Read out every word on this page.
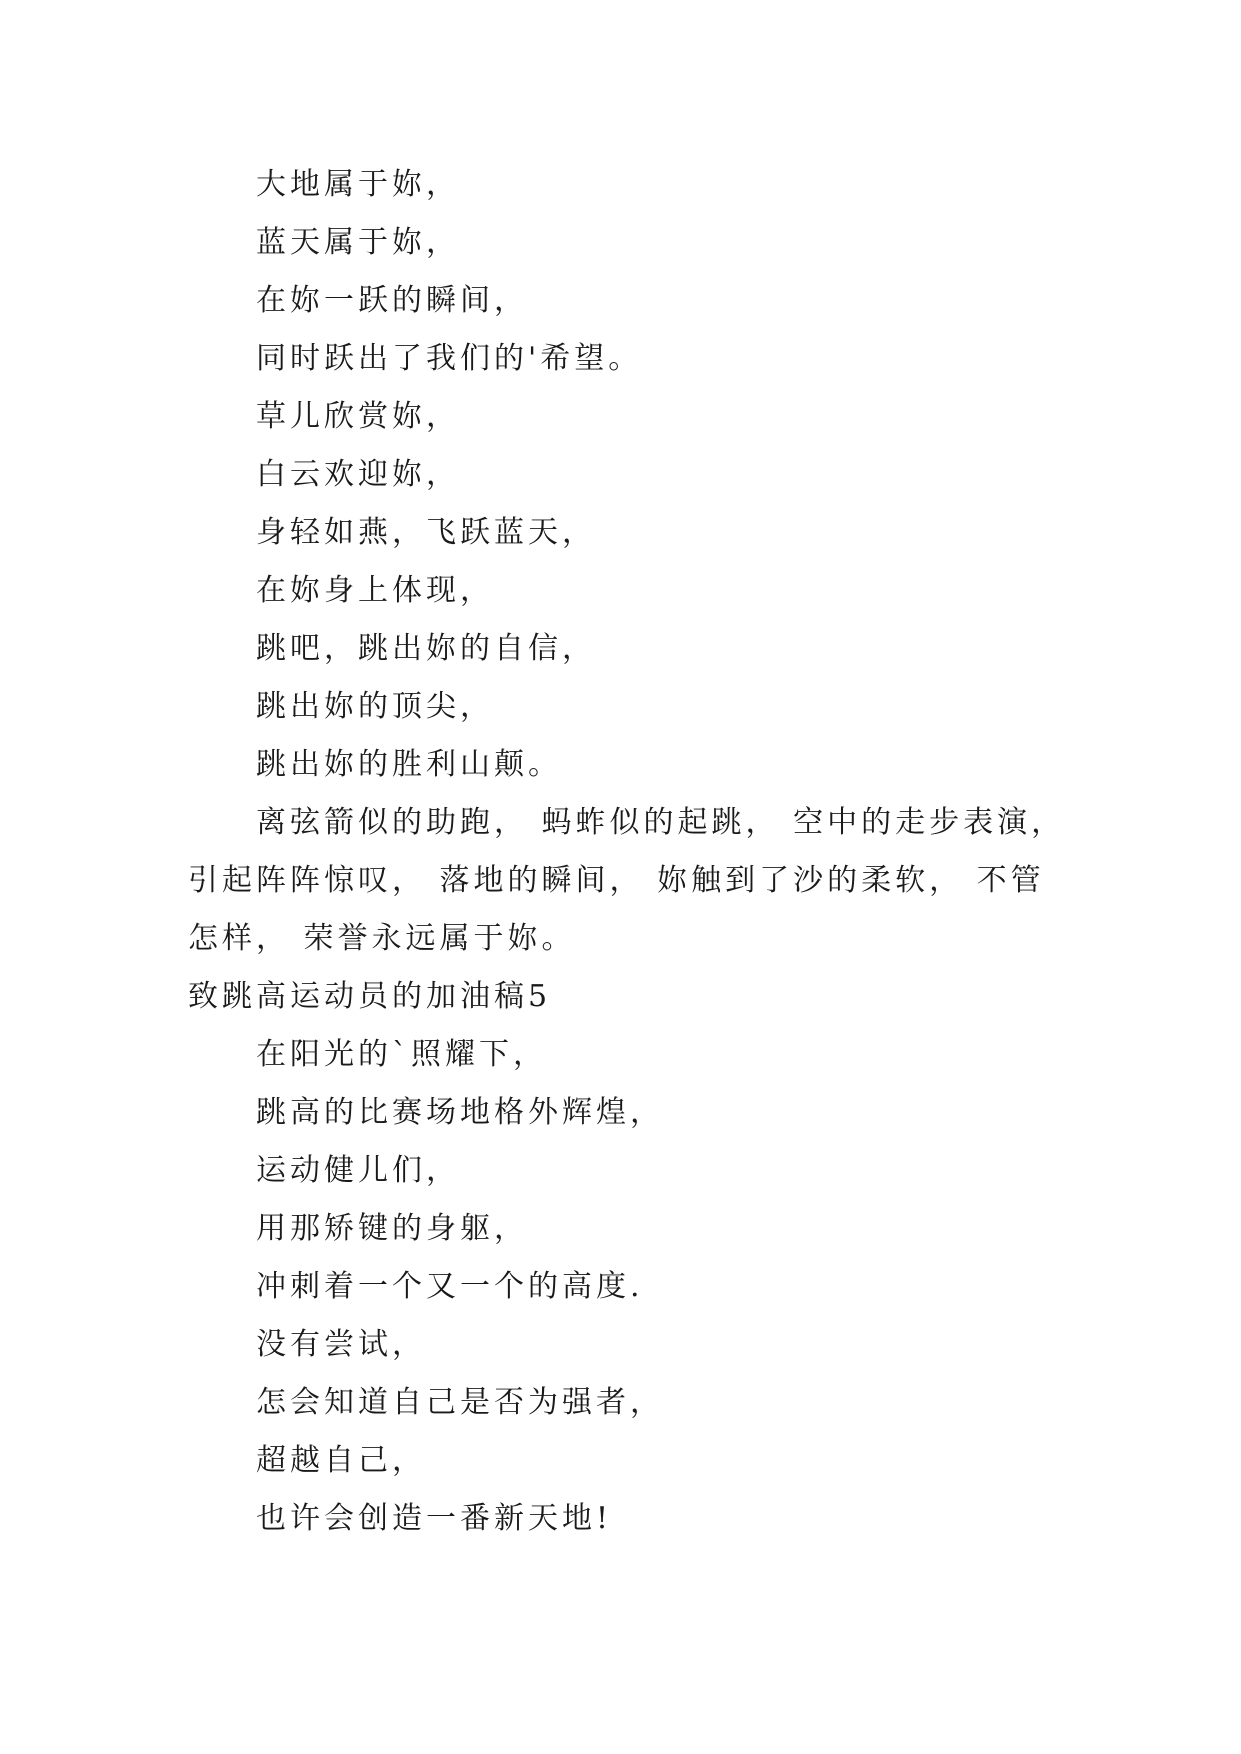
大地属于妳，
蓝天属于妳，
在妳一跃的瞬间，
同时跃出了我们的'希望。
草儿欣赏妳，
白云欢迎妳，
身轻如燕，飞跃蓝天，
在妳身上体现，
跳吧，跳出妳的自信，
跳出妳的顶尖，
跳出妳的胜利山颠。
离弦箭似的助跑， 蚂蚱似的起跳， 空中的走步表演，
引起阵阵惊叹， 落地的瞬间， 妳触到了沙的柔软， 不管
怎样， 荣誉永远属于妳。
致跳高运动员的加油稿5
在阳光的`照耀下，
跳高的比赛场地格外辉煌，
运动健儿们，
用那矫键的身躯，
冲刺着一个又一个的高度.
没有尝试，
怎会知道自己是否为强者，
超越自己，
也许会创造一番新天地!
